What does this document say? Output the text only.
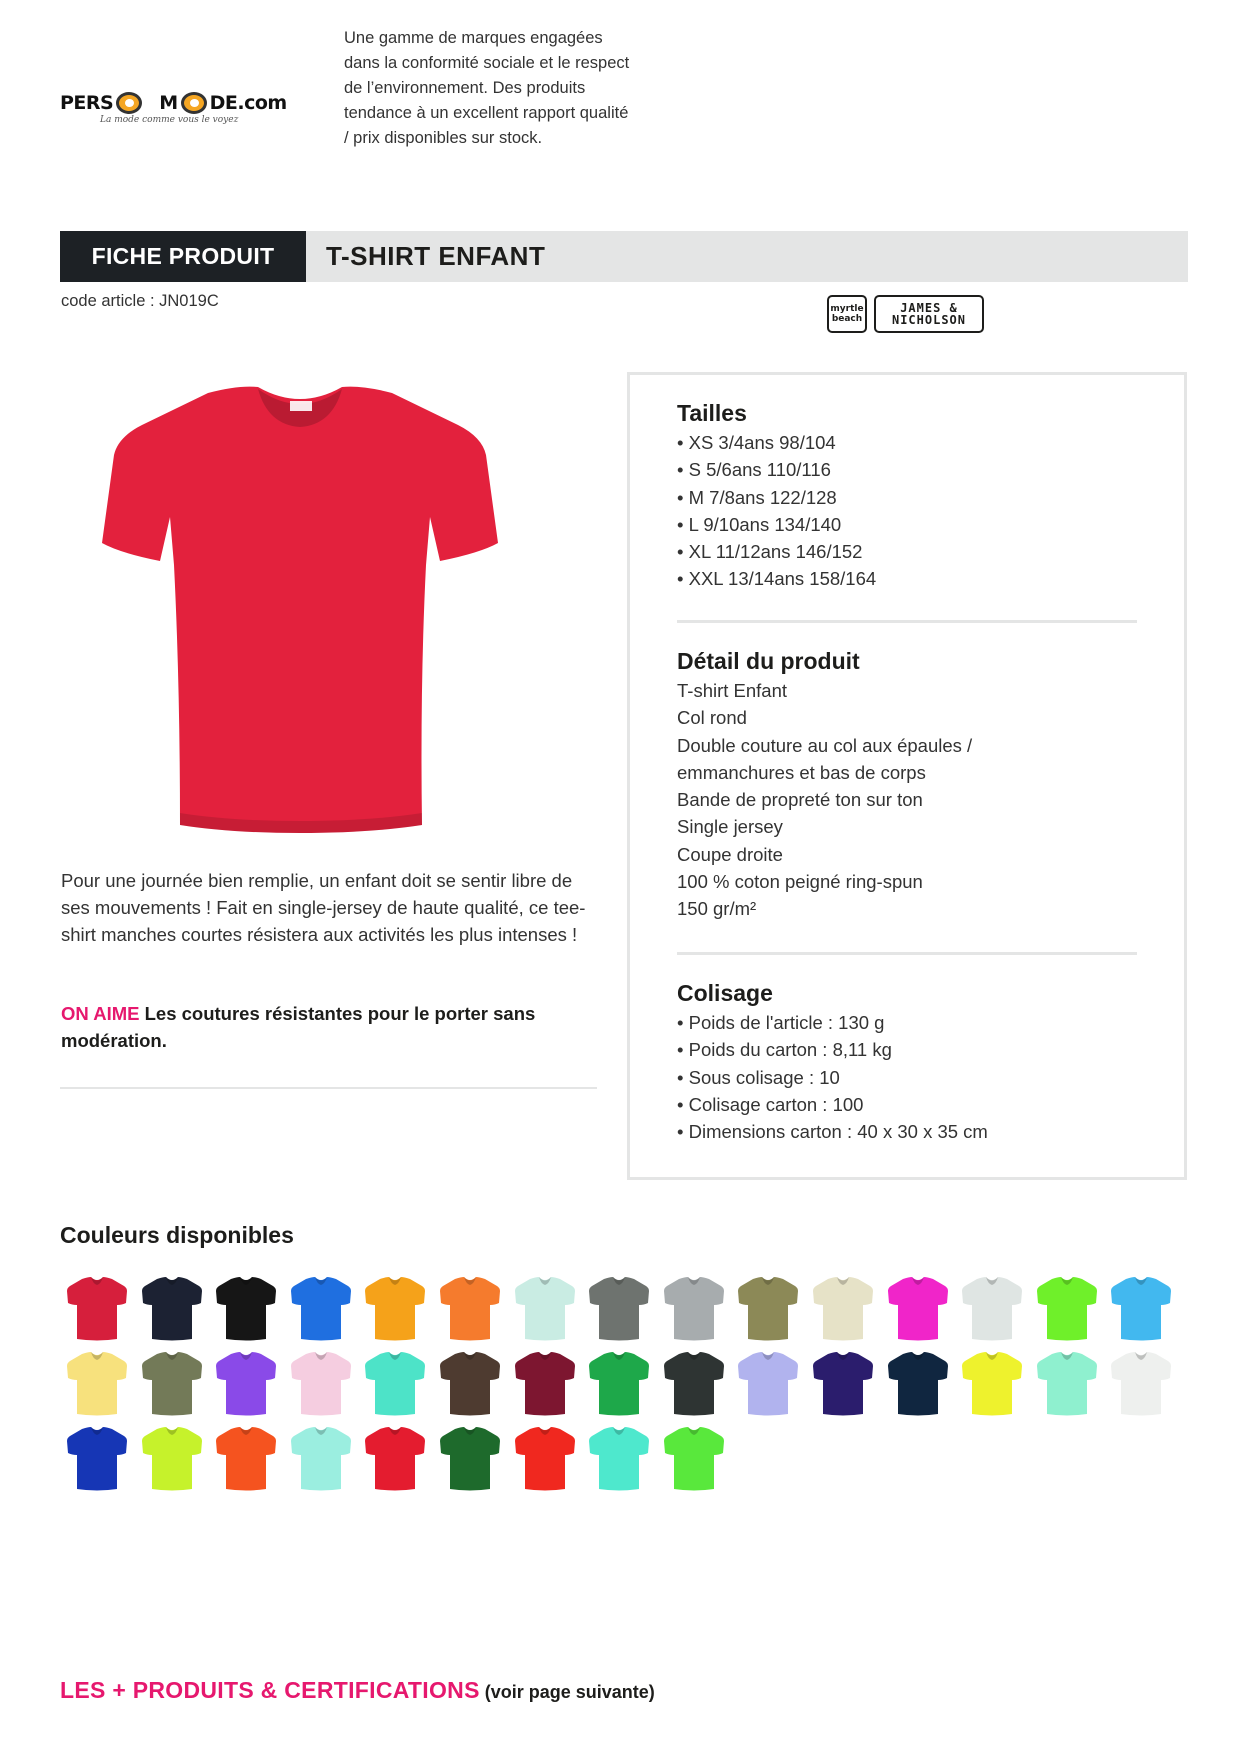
PERS M DE.com
La mode comme vous le voyez
Une gamme de marques engagées dans la conformité sociale et le respect de l’environnement. Des produits tendance à un excellent rapport qualité / prix disponibles sur stock.
FICHE PRODUIT	T-SHIRT ENFANT
code article : JN019C	myrtle
beach
JAMES &
NICHOLSON
Pour une journée bien remplie, un enfant doit se sentir libre de ses mouvements ! Fait en single-jersey de haute qualité, ce tee-shirt manches courtes résistera aux activités les plus intenses !
ON AIME Les coutures résistantes pour le porter sans modération.
Tailles
• XS 3/4ans 98/104
• S 5/6ans 110/116
• M 7/8ans 122/128
• L 9/10ans 134/140
• XL 11/12ans 146/152
• XXL 13/14ans 158/164
Détail du produit
T-shirt Enfant
Col rond
Double couture au col aux épaules /
emmanchures et bas de corps
Bande de propreté ton sur ton
Single jersey
Coupe droite
100 % coton peigné ring-spun
150 gr/m²
Colisage
• Poids de l'article : 130 g
• Poids du carton : 8,11 kg
• Sous colisage : 10
• Colisage carton : 100
• Dimensions carton : 40 x 30 x 35 cm
Couleurs disponibles
LES + PRODUITS & CERTIFICATIONS (voir page suivante)
